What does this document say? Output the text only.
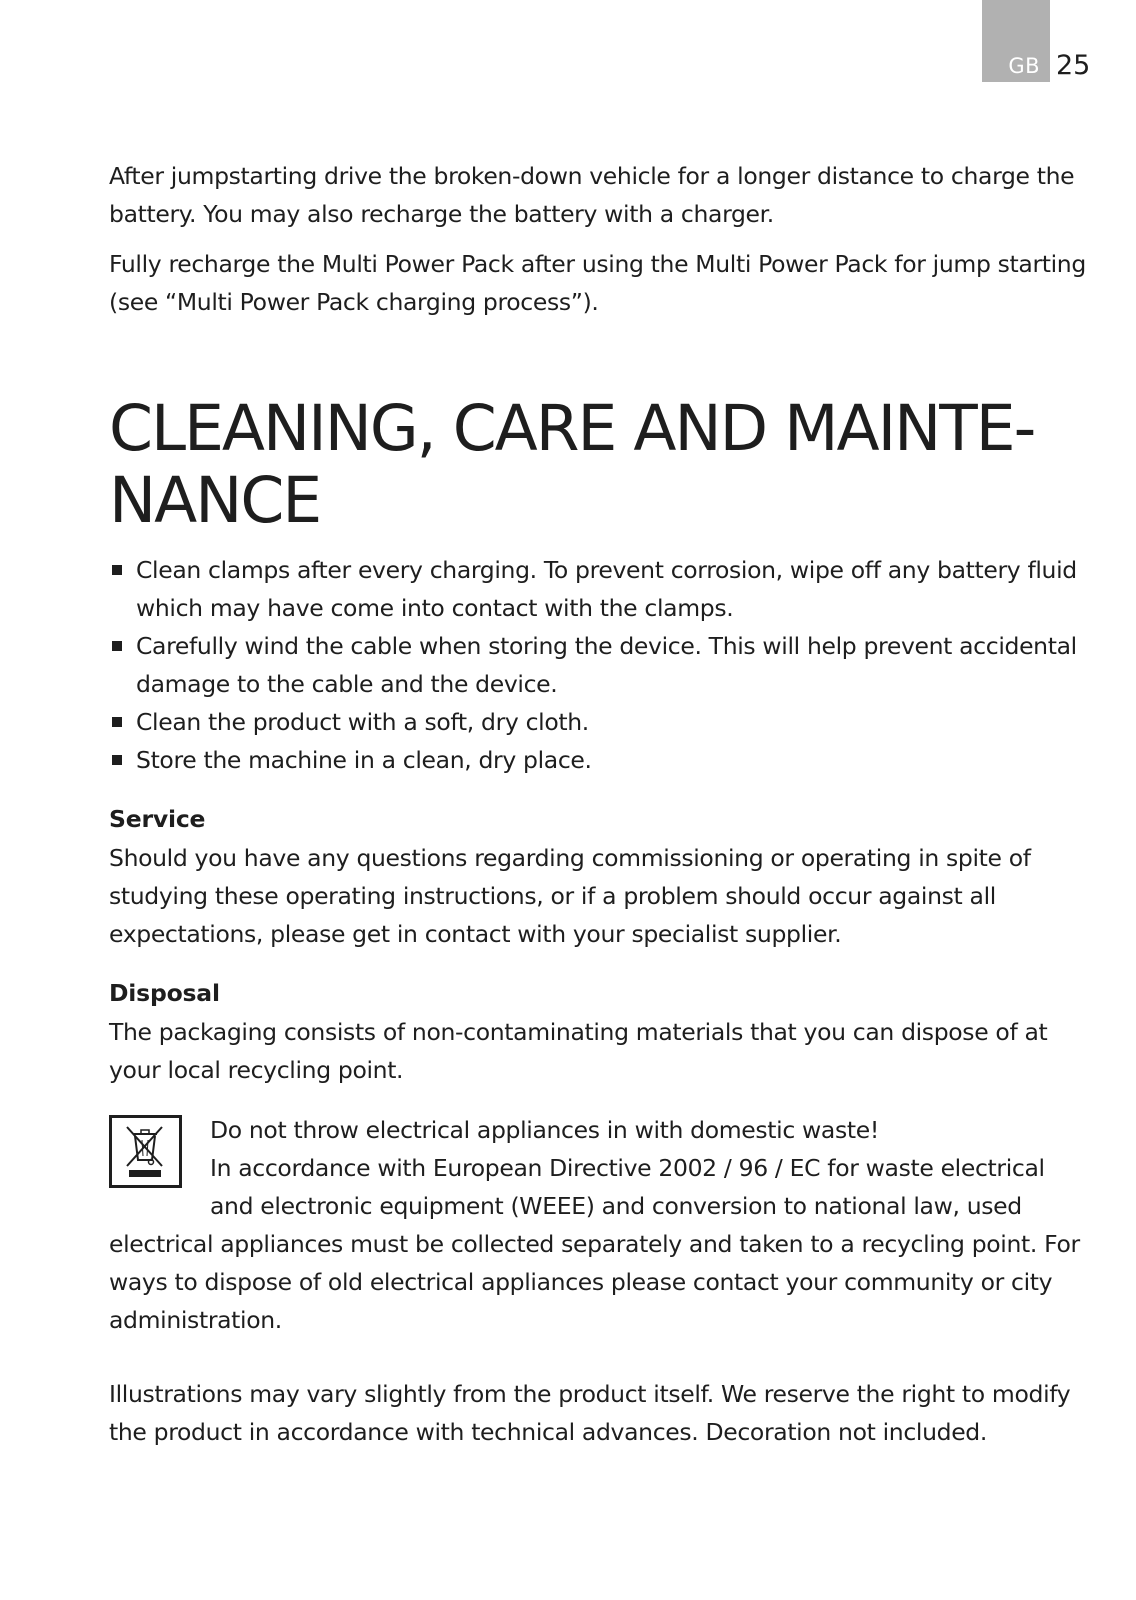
GB 25

After jumpstarting drive the broken-down vehicle for a longer distance to charge the battery. You may also recharge the battery with a charger.

Fully recharge the Multi Power Pack after using the Multi Power Pack for jump starting (see “Multi Power Pack charging process”).

CLEANING, CARE AND MAINTE-
NANCE
Clean clamps after every charging. To prevent corrosion, wipe off any battery fluid which may have come into contact with the clamps.
Carefully wind the cable when storing the device. This will help prevent accidental damage to the cable and the device.
Clean the product with a soft, dry cloth.
Store the machine in a clean, dry place.
Service

Should you have any questions regarding commissioning or operating in spite of studying these operating instructions, or if a problem should occur against all expectations, please get in contact with your specialist supplier.

Disposal

The packaging consists of non-contaminating materials that you can dispose of at your local recycling point.

Do not throw electrical appliances in with domestic waste!
In accordance with European Directive 2002 / 96 / EC for waste electrical and electronic equipment (WEEE) and conversion to national law, used electrical appliances must be collected separately and taken to a recycling point. For ways to dispose of old electrical appliances please contact your community or city administration.

Illustrations may vary slightly from the product itself. We reserve the right to modify the product in accordance with technical advances. Decoration not included.
